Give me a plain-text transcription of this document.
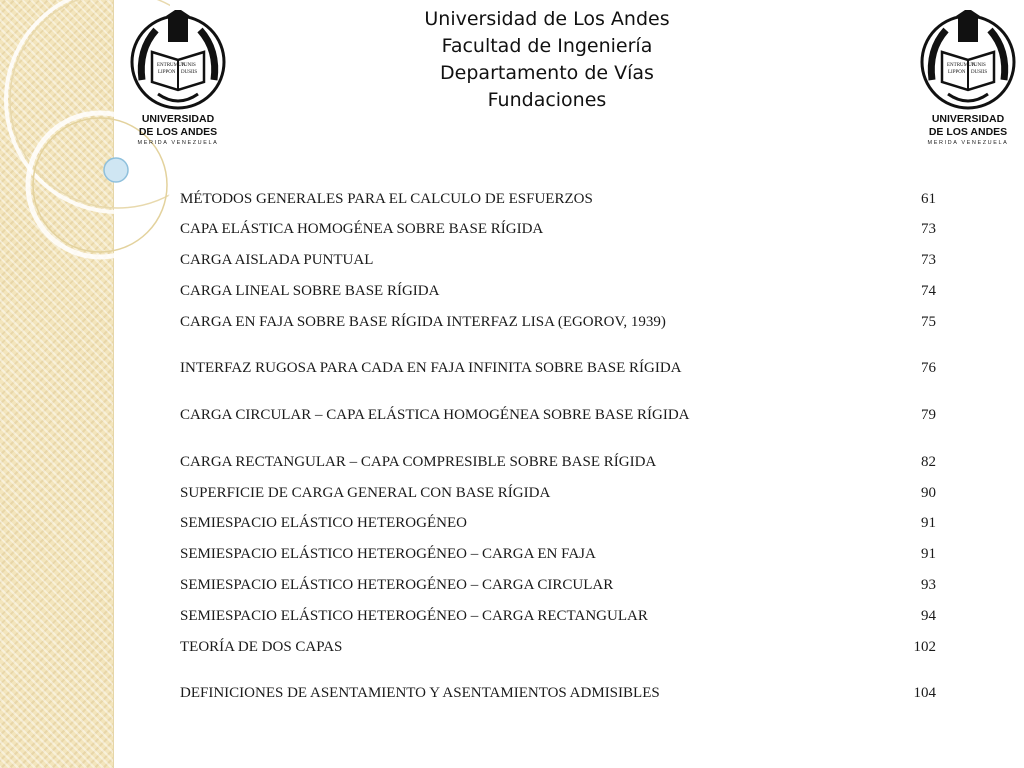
Universidad de Los Andes
Facultad de Ingeniería
Departamento de Vías
Fundaciones
ENTRUMUN
LIPPON
TUNIS
DUSIIS
UNIVERSIDAD
DE LOS ANDES
MERIDA VENEZUELA
ENTRUMUN
LIPPON
TUNIS
DUSIIS
UNIVERSIDAD
DE LOS ANDES
MERIDA VENEZUELA
MÉTODOS GENERALES PARA EL CALCULO DE ESFUERZOS	61
CAPA ELÁSTICA HOMOGÉNEA SOBRE BASE RÍGIDA	73
CARGA AISLADA PUNTUAL	73
CARGA LINEAL SOBRE BASE RÍGIDA	74
CARGA EN FAJA SOBRE BASE RÍGIDA INTERFAZ LISA (EGOROV, 1939)	75
INTERFAZ RUGOSA PARA CADA EN FAJA INFINITA SOBRE BASE RÍGIDA	76
CARGA CIRCULAR – CAPA ELÁSTICA HOMOGÉNEA SOBRE BASE RÍGIDA	79
CARGA RECTANGULAR – CAPA COMPRESIBLE SOBRE BASE RÍGIDA	82
SUPERFICIE DE CARGA GENERAL CON BASE RÍGIDA	90
SEMIESPACIO ELÁSTICO HETEROGÉNEO	91
SEMIESPACIO ELÁSTICO HETEROGÉNEO – CARGA EN FAJA	91
SEMIESPACIO ELÁSTICO HETEROGÉNEO – CARGA CIRCULAR	93
SEMIESPACIO ELÁSTICO HETEROGÉNEO – CARGA RECTANGULAR	94
TEORÍA DE DOS CAPAS	102
DEFINICIONES DE ASENTAMIENTO Y ASENTAMIENTOS ADMISIBLES	104
